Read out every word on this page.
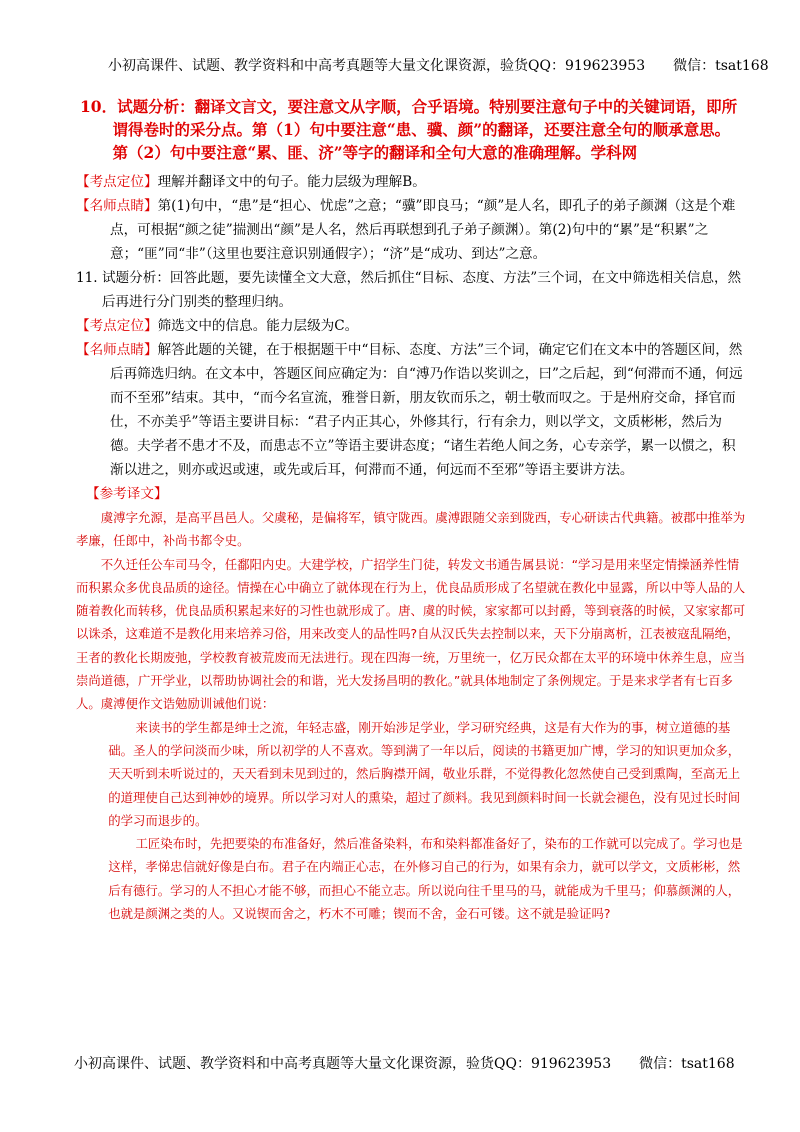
小初高课件、试题、教学资料和中高考真题等大量文化课资源，验货QQ：919623953　　微信：tsat168
10．试题分析：翻译文言文，要注意文从字顺，合乎语境。特别要注意句子中的关键词语，即所谓得卷时的采分点。第（1）句中要注意“患、骥、颜”的翻译，还要注意全句的顺承意思。第（2）句中要注意“累、匪、济”等字的翻译和全句大意的准确理解。学科网
【考点定位】理解并翻译文中的句子。能力层级为理解B。
【名师点睛】第(1)句中，“患”是“担心、忧虑”之意；“骥”即良马；“颜”是人名，即孔子的弟子颜渊（这是个难点，可根据“颜之徒”揣测出“颜”是人名，然后再联想到孔子弟子颜渊）。第(2)句中的“累”是“积累”之意；“匪”同“非”（这里也要注意识别通假字）；“济”是“成功、到达”之意。
11. 试题分析：回答此题，要先读懂全文大意，然后抓住“目标、态度、方法”三个词，在文中筛选相关信息，然后再进行分门别类的整理归纳。
【考点定位】筛选文中的信息。能力层级为C。
【名师点睛】解答此题的关键，在于根据题干中“目标、态度、方法”三个词，确定它们在文本中的答题区间，然后再筛选归纳。在文本中，答题区间应确定为：自“溥乃作诰以奖训之，曰”之后起，到“何滞而不通，何远而不至邪”结束。其中，“而今名宣流，雅誉日新，朋友钦而乐之，朝士敬而叹之。于是州府交命，择官而仕，不亦美乎”等语主要讲目标：“君子内正其心，外修其行，行有余力，则以学文，文质彬彬，然后为德。夫学者不患才不及，而患志不立”等语主要讲态度；“诸生若绝人间之务，心专亲学，累一以惯之，积渐以进之，则亦或迟或速，或先或后耳，何滞而不通，何远而不至邪”等语主要讲方法。
【参考译文】

虞溥字允源，是高平昌邑人。父虞秘，是偏将军，镇守陇西。虞溥跟随父亲到陇西，专心研读古代典籍。被郡中推举为孝廉，任郎中，补尚书都令史。

不久迁任公车司马令，任鄱阳内史。大建学校，广招学生门徒，转发文书通告属县说：“学习是用来坚定情操涵养性情而积累众多优良品质的途径。情操在心中确立了就体现在行为上，优良品质形成了名望就在教化中显露，所以中等人品的人随着教化而转移，优良品质积累起来好的习性也就形成了。唐、虞的时候，家家都可以封爵，等到衰落的时候，又家家都可以诛杀，这难道不是教化用来培养习俗，用来改变人的品性吗?自从汉氏失去控制以来，天下分崩离析，江表被寇乱隔绝，王者的教化长期废弛，学校教育被荒废而无法进行。现在四海一统，万里统一，亿万民众都在太平的环境中休养生息，应当崇尚道德，广开学业，以帮助协调社会的和谐，光大发扬昌明的教化。”就具体地制定了条例规定。于是来求学者有七百多人。虞溥便作文诰勉励训诫他们说：

来读书的学生都是绅士之流，年轻志盛，刚开始涉足学业，学习研究经典，这是有大作为的事，树立道德的基础。圣人的学问淡而少味，所以初学的人不喜欢。等到满了一年以后，阅读的书籍更加广博，学习的知识更加众多，天天听到未听说过的，天天看到未见到过的，然后胸襟开阔，敬业乐群，不觉得教化忽然使自己受到熏陶，至高无上的道理使自己达到神妙的境界。所以学习对人的熏染，超过了颜料。我见到颜料时间一长就会褪色，没有见过长时间的学习而退步的。

工匠染布时，先把要染的布准备好，然后准备染料，布和染料都准备好了，染布的工作就可以完成了。学习也是这样，孝悌忠信就好像是白布。君子在内端正心志，在外修习自己的行为，如果有余力，就可以学文，文质彬彬，然后有德行。学习的人不担心才能不够，而担心不能立志。所以说向往千里马的马，就能成为千里马；仰慕颜渊的人，也就是颜渊之类的人。又说锲而舍之，朽木不可雕；锲而不舍，金石可镂。这不就是验证吗?

小初高课件、试题、教学资料和中高考真题等大量文化课资源，验货QQ：919623953　　微信：tsat168
